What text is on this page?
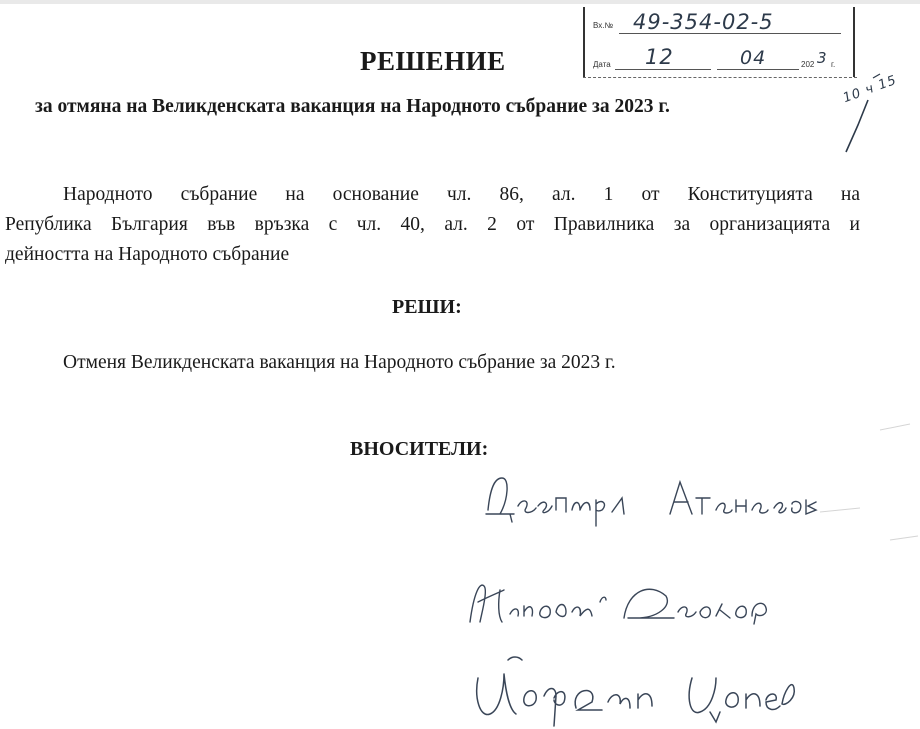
Вх.№ 49-354-02-5
Дата 12	04	202 3 г.
10 ч 15
РЕШЕНИЕ
за отмяна на Великденската ваканция на Народното събрание за 2023 г.
Народното събрание на основание чл. 86, ал. 1 от Конституцията на
Република България във връзка с чл. 40, ал. 2 от Правилника за организацията и
дейността на Народното събрание
РЕШИ:
Отменя Великденската ваканция на Народното събрание за 2023 г.
ВНОСИТЕЛИ:
